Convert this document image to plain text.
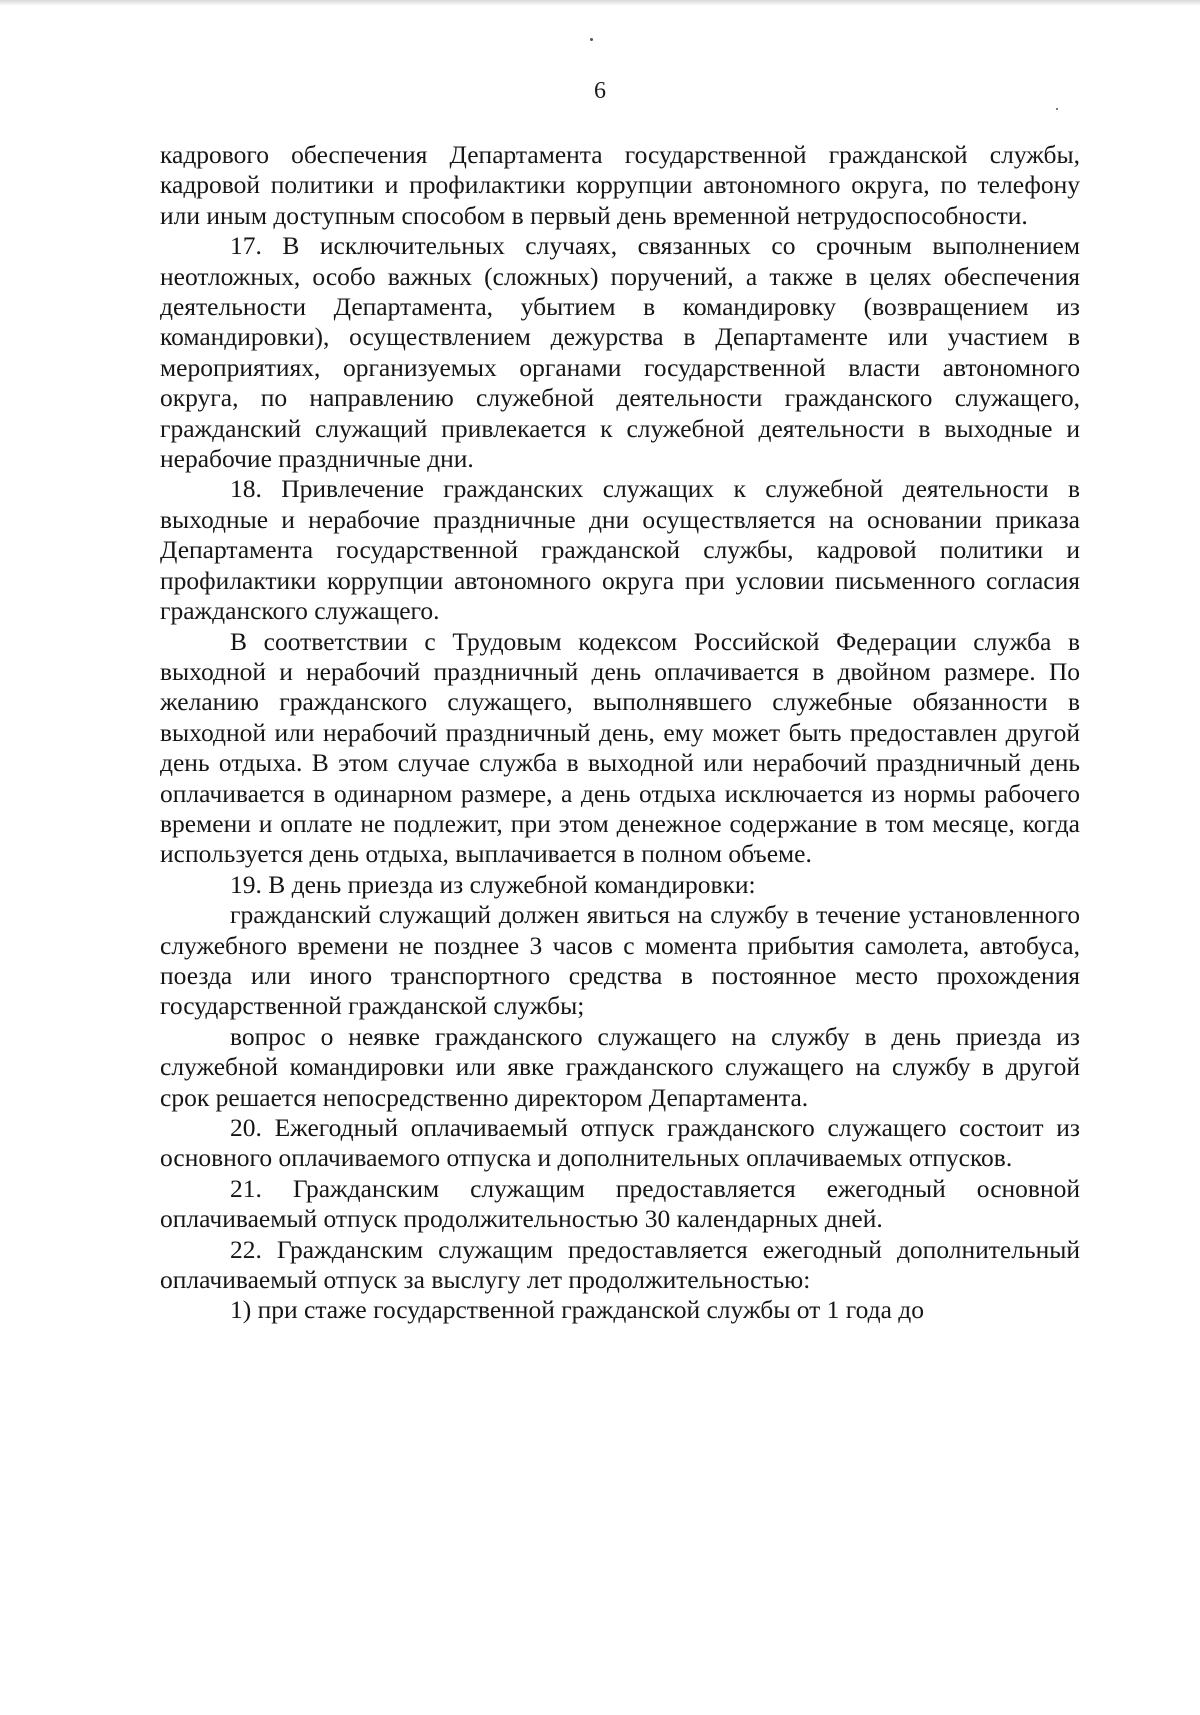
6

кадрового обеспечения Департамента государственной гражданской службы, кадровой политики и профилактики коррупции автономного округа, по телефону или иным доступным способом в первый день временной нетрудоспособности.

17. В исключительных случаях, связанных со срочным выполнением неотложных, особо важных (сложных) поручений, а также в целях обеспечения деятельности Департамента, убытием в командировку (возвращением из командировки), осуществлением дежурства в Департаменте или участием в мероприятиях, организуемых органами государственной власти автономного округа, по направлению служебной деятельности гражданского служащего, гражданский служащий привлекается к служебной деятельности в выходные и нерабочие праздничные дни.

18. Привлечение гражданских служащих к служебной деятельности в выходные и нерабочие праздничные дни осуществляется на основании приказа Департамента государственной гражданской службы, кадровой политики и профилактики коррупции автономного округа при условии письменного согласия гражданского служащего.

В соответствии с Трудовым кодексом Российской Федерации служба в выходной и нерабочий праздничный день оплачивается в двойном размере. По желанию гражданского служащего, выполнявшего служебные обязанности в выходной или нерабочий праздничный день, ему может быть предоставлен другой день отдыха. В этом случае служба в выходной или нерабочий праздничный день оплачивается в одинарном размере, а день отдыха исключается из нормы рабочего времени и оплате не подлежит, при этом денежное содержание в том месяце, когда используется день отдыха, выплачивается в полном объеме.

19. В день приезда из служебной командировки:

гражданский служащий должен явиться на службу в течение установленного служебного времени не позднее 3 часов с момента прибытия самолета, автобуса, поезда или иного транспортного средства в постоянное место прохождения государственной гражданской службы;

вопрос о неявке гражданского служащего на службу в день приезда из служебной командировки или явке гражданского служащего на службу в другой срок решается непосредственно директором Департамента.

20. Ежегодный оплачиваемый отпуск гражданского служащего состоит из основного оплачиваемого отпуска и дополнительных оплачиваемых отпусков.

21. Гражданским служащим предоставляется ежегодный основной оплачиваемый отпуск продолжительностью 30 календарных дней.

22. Гражданским служащим предоставляется ежегодный дополнительный оплачиваемый отпуск за выслугу лет продолжительностью:

1) при стаже государственной гражданской службы от 1 года до
